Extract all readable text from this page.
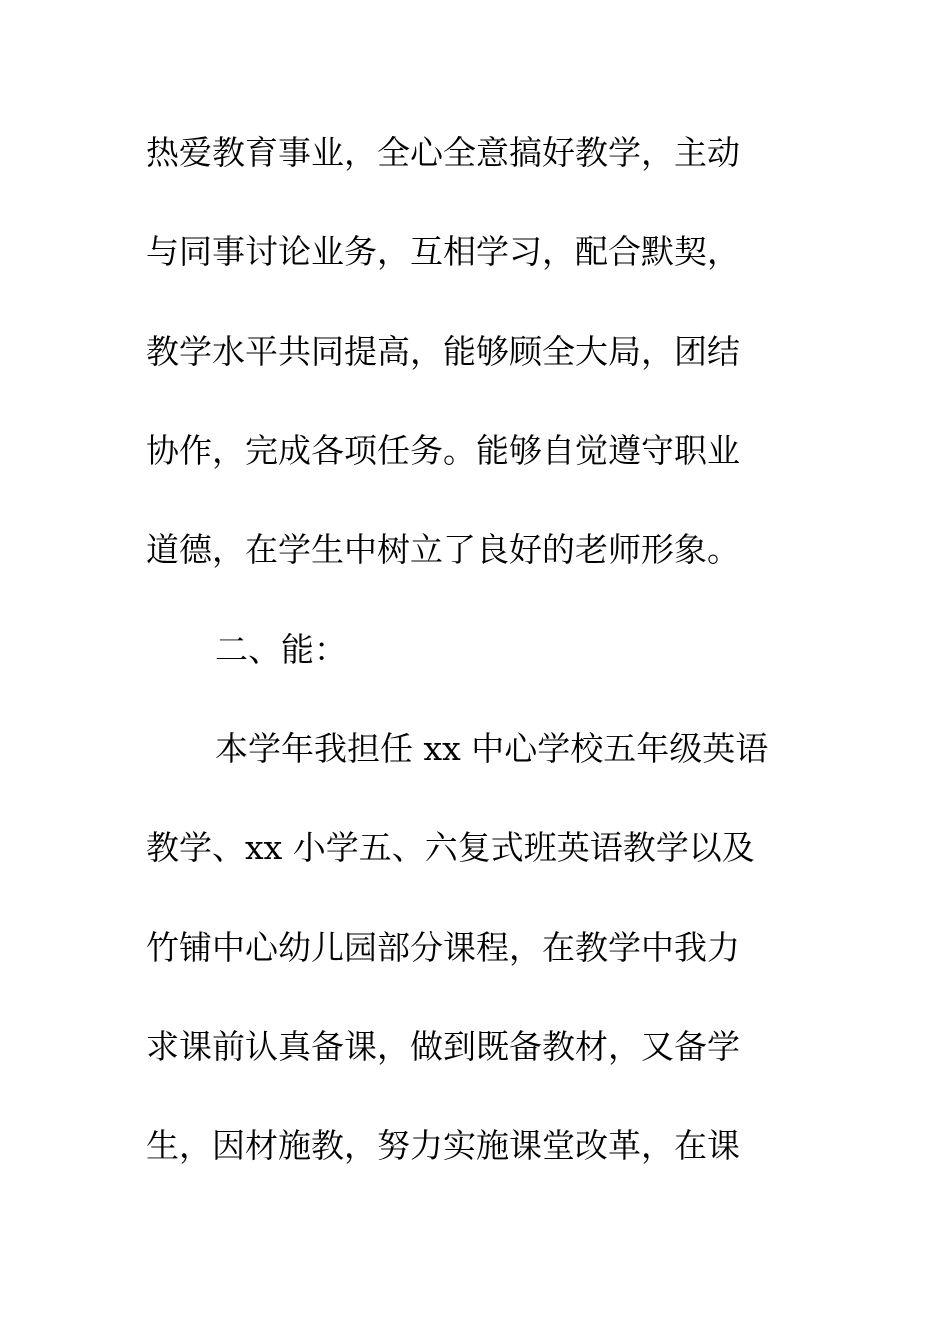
热爱教育事业，全心全意搞好教学，主动
与同事讨论业务，互相学习，配合默契，
教学水平共同提高，能够顾全大局，团结
协作，完成各项任务。能够自觉遵守职业
道德，在学生中树立了良好的老师形象。
二、能：
本学年我担任 xx 中心学校五年级英语
教学、xx 小学五、六复式班英语教学以及
竹铺中心幼儿园部分课程，在教学中我力
求课前认真备课，做到既备教材，又备学
生，因材施教，努力实施课堂改革，在课
